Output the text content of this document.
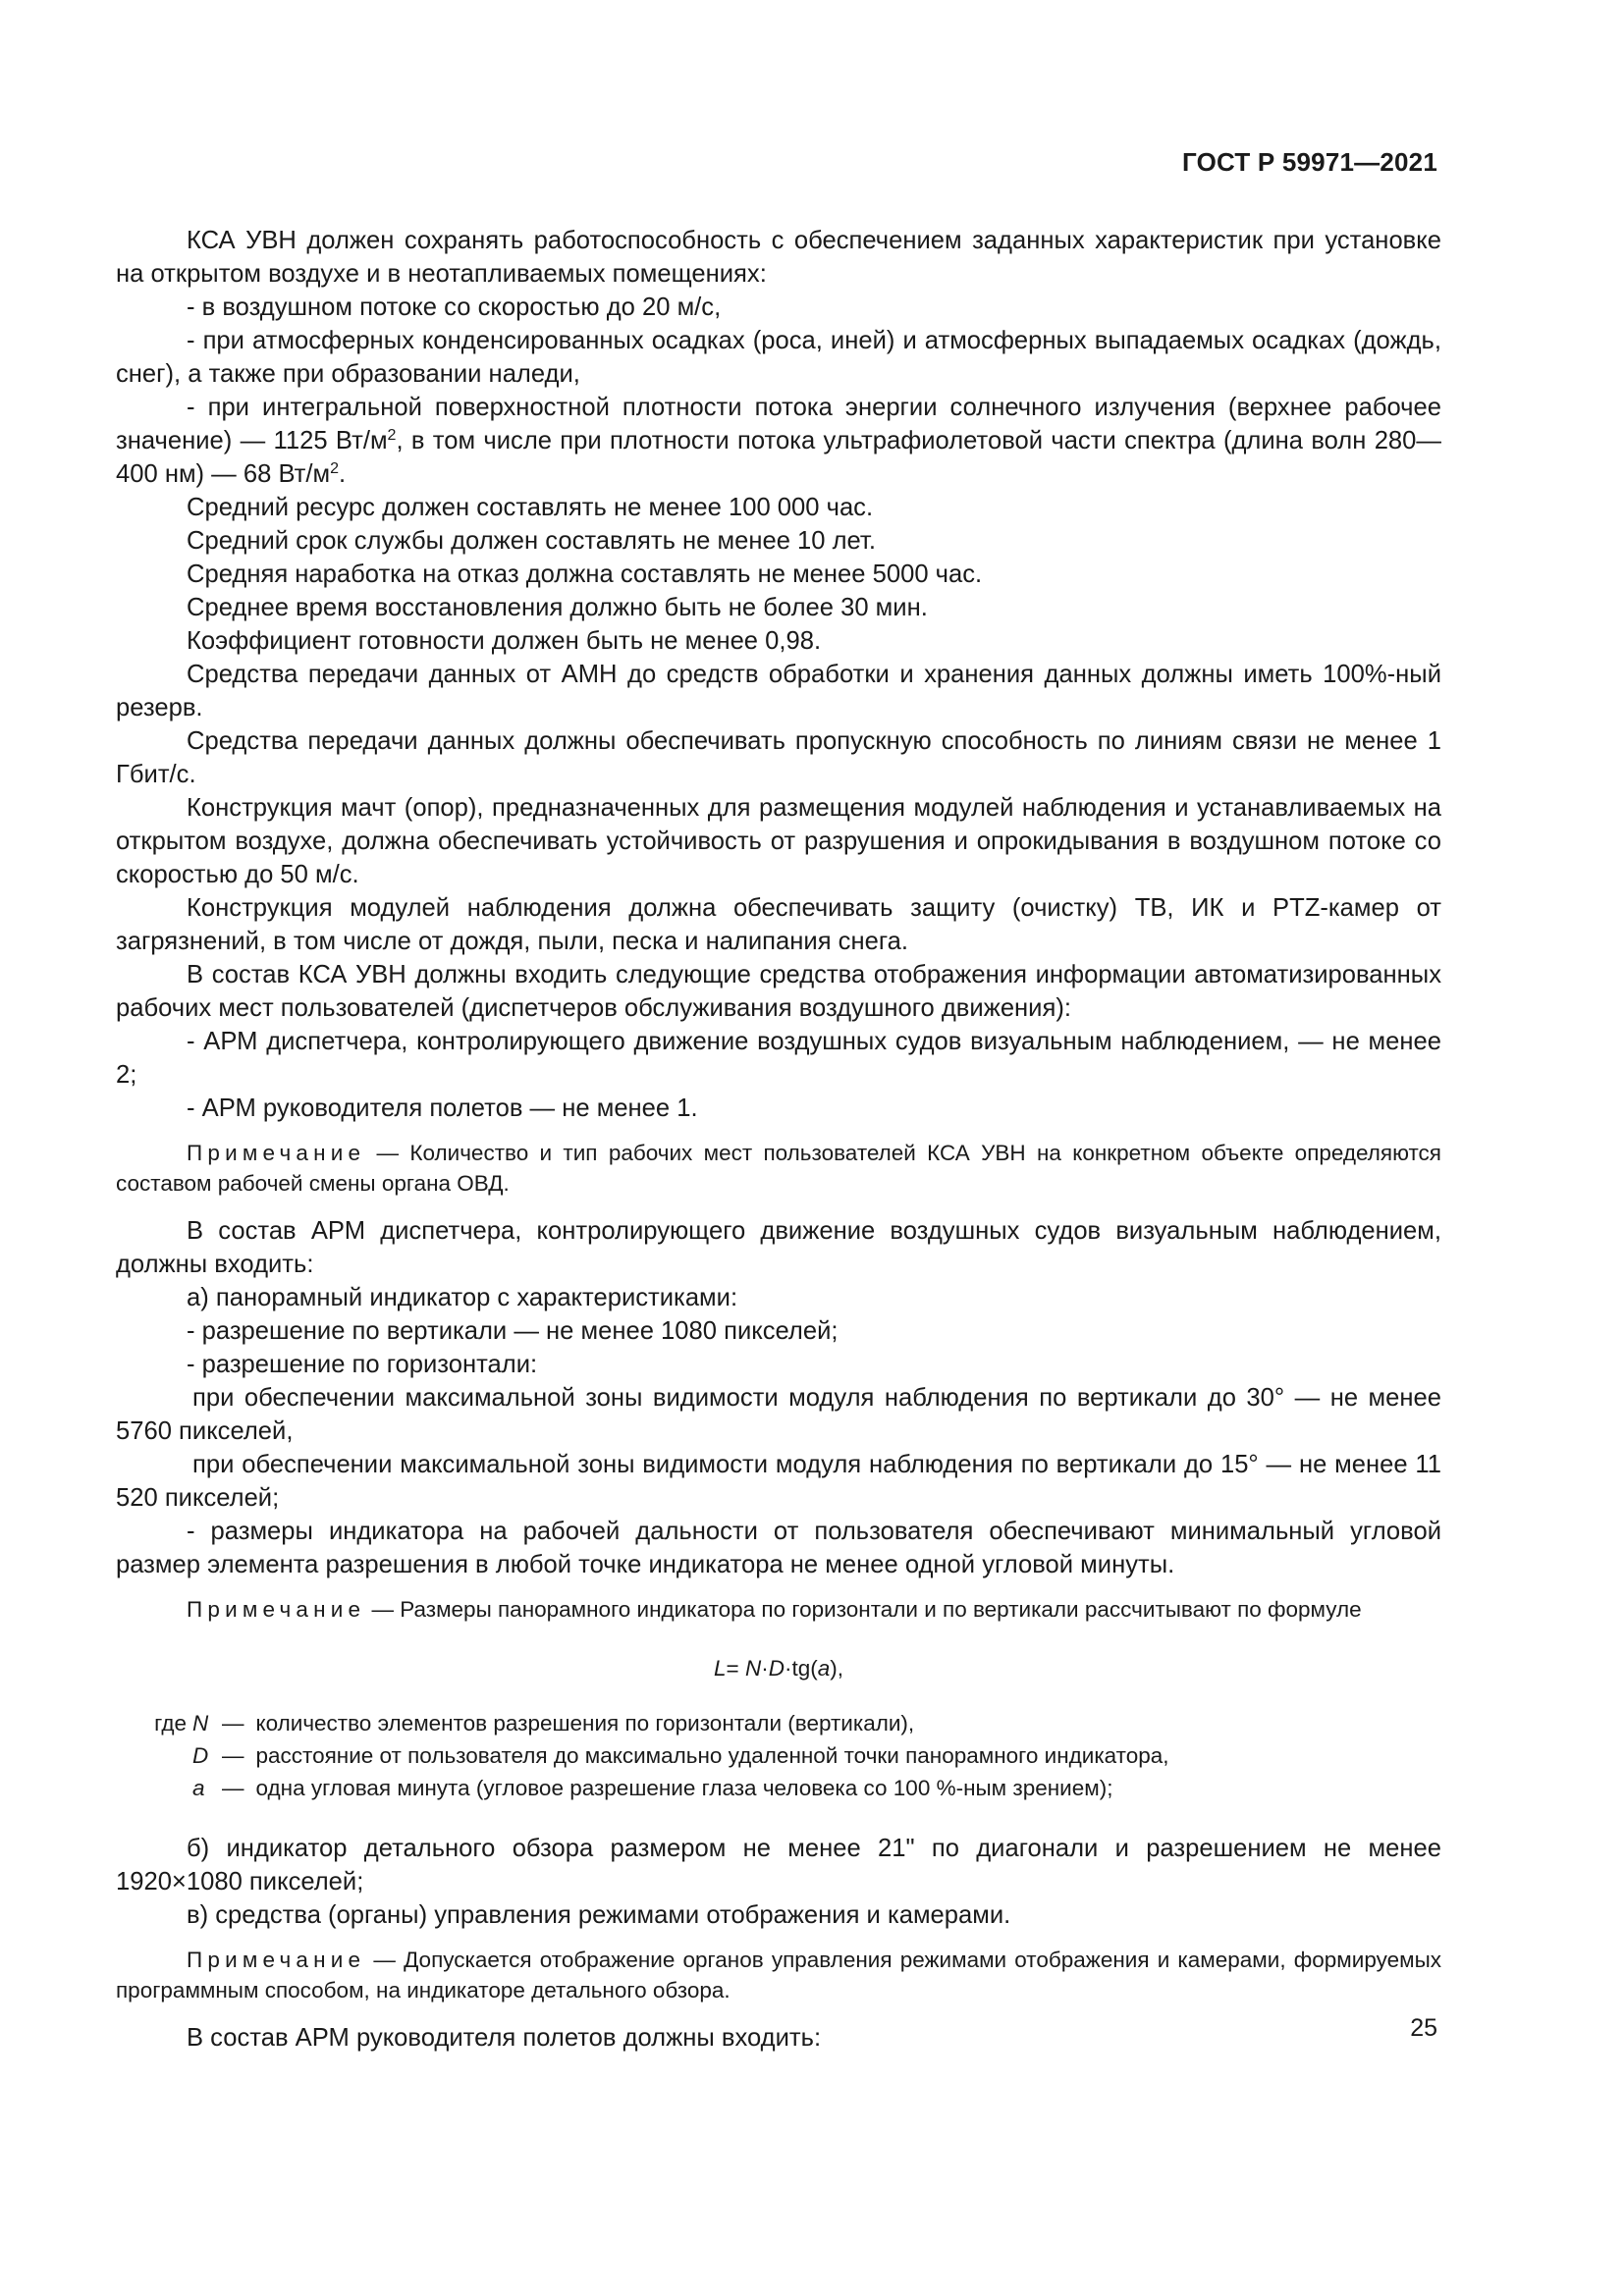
ГОСТ Р 59971—2021

КСА УВН должен сохранять работоспособность с обеспечением заданных характеристик при установке на открытом воздухе и в неотапливаемых помещениях:

- в воздушном потоке со скоростью до 20 м/с,

- при атмосферных конденсированных осадках (роса, иней) и атмосферных выпадаемых осадках (дождь, снег), а также при образовании наледи,

- при интегральной поверхностной плотности потока энергии солнечного излучения (верхнее рабочее значение) — 1125 $Вт/м^2$, в том числе при плотности потока ультрафиолетовой части спектра (длина волн 280—400 нм) — 68 $Вт/м^2$.

Средний ресурс должен составлять не менее 100 000 час.

Средний срок службы должен составлять не менее 10 лет.

Средняя наработка на отказ должна составлять не менее 5000 час.

Среднее время восстановления должно быть не более 30 мин.

Коэффициент готовности должен быть не менее 0,98.

Средства передачи данных от АМН до средств обработки и хранения данных должны иметь 100%-ный резерв.

Средства передачи данных должны обеспечивать пропускную способность по линиям связи не менее 1 Гбит/с.

Конструкция мачт (опор), предназначенных для размещения модулей наблюдения и устанавливаемых на открытом воздухе, должна обеспечивать устойчивость от разрушения и опрокидывания в воздушном потоке со скоростью до 50 м/с.

Конструкция модулей наблюдения должна обеспечивать защиту (очистку) ТВ, ИК и PTZ-камер от загрязнений, в том числе от дождя, пыли, песка и налипания снега.

В состав КСА УВН должны входить следующие средства отображения информации автоматизированных рабочих мест пользователей (диспетчеров обслуживания воздушного движения):

- АРМ диспетчера, контролирующего движение воздушных судов визуальным наблюдением, — не менее 2;

- АРМ руководителя полетов — не менее 1.

Примечание — Количество и тип рабочих мест пользователей КСА УВН на конкретном объекте определяются составом рабочей смены органа ОВД.

В состав АРМ диспетчера, контролирующего движение воздушных судов визуальным наблюдением, должны входить:

а) панорамный индикатор с характеристиками:

- разрешение по вертикали — не менее 1080 пикселей;

- разрешение по горизонтали:

при обеспечении максимальной зоны видимости модуля наблюдения по вертикали до 30° — не менее 5760 пикселей,

при обеспечении максимальной зоны видимости модуля наблюдения по вертикали до 15° — не менее 11 520 пикселей;

- размеры индикатора на рабочей дальности от пользователя обеспечивают минимальный угловой размер элемента разрешения в любой точке индикатора не менее одной угловой минуты.

Примечание — Размеры панорамного индикатора по горизонтали и по вертикали рассчитывают по формуле

L= N·D·tg(a),

где N — количество элементов разрешения по горизонтали (вертикали),
D — расстояние от пользователя до максимально удаленной точки панорамного индикатора,
a — одна угловая минута (угловое разрешение глаза человека со 100 %-ным зрением);

б) индикатор детального обзора размером не менее 21" по диагонали и разрешением не менее 1920×1080 пикселей;

в) средства (органы) управления режимами отображения и камерами.

Примечание — Допускается отображение органов управления режимами отображения и камерами, формируемых программным способом, на индикаторе детального обзора.

В состав АРМ руководителя полетов должны входить:	25
